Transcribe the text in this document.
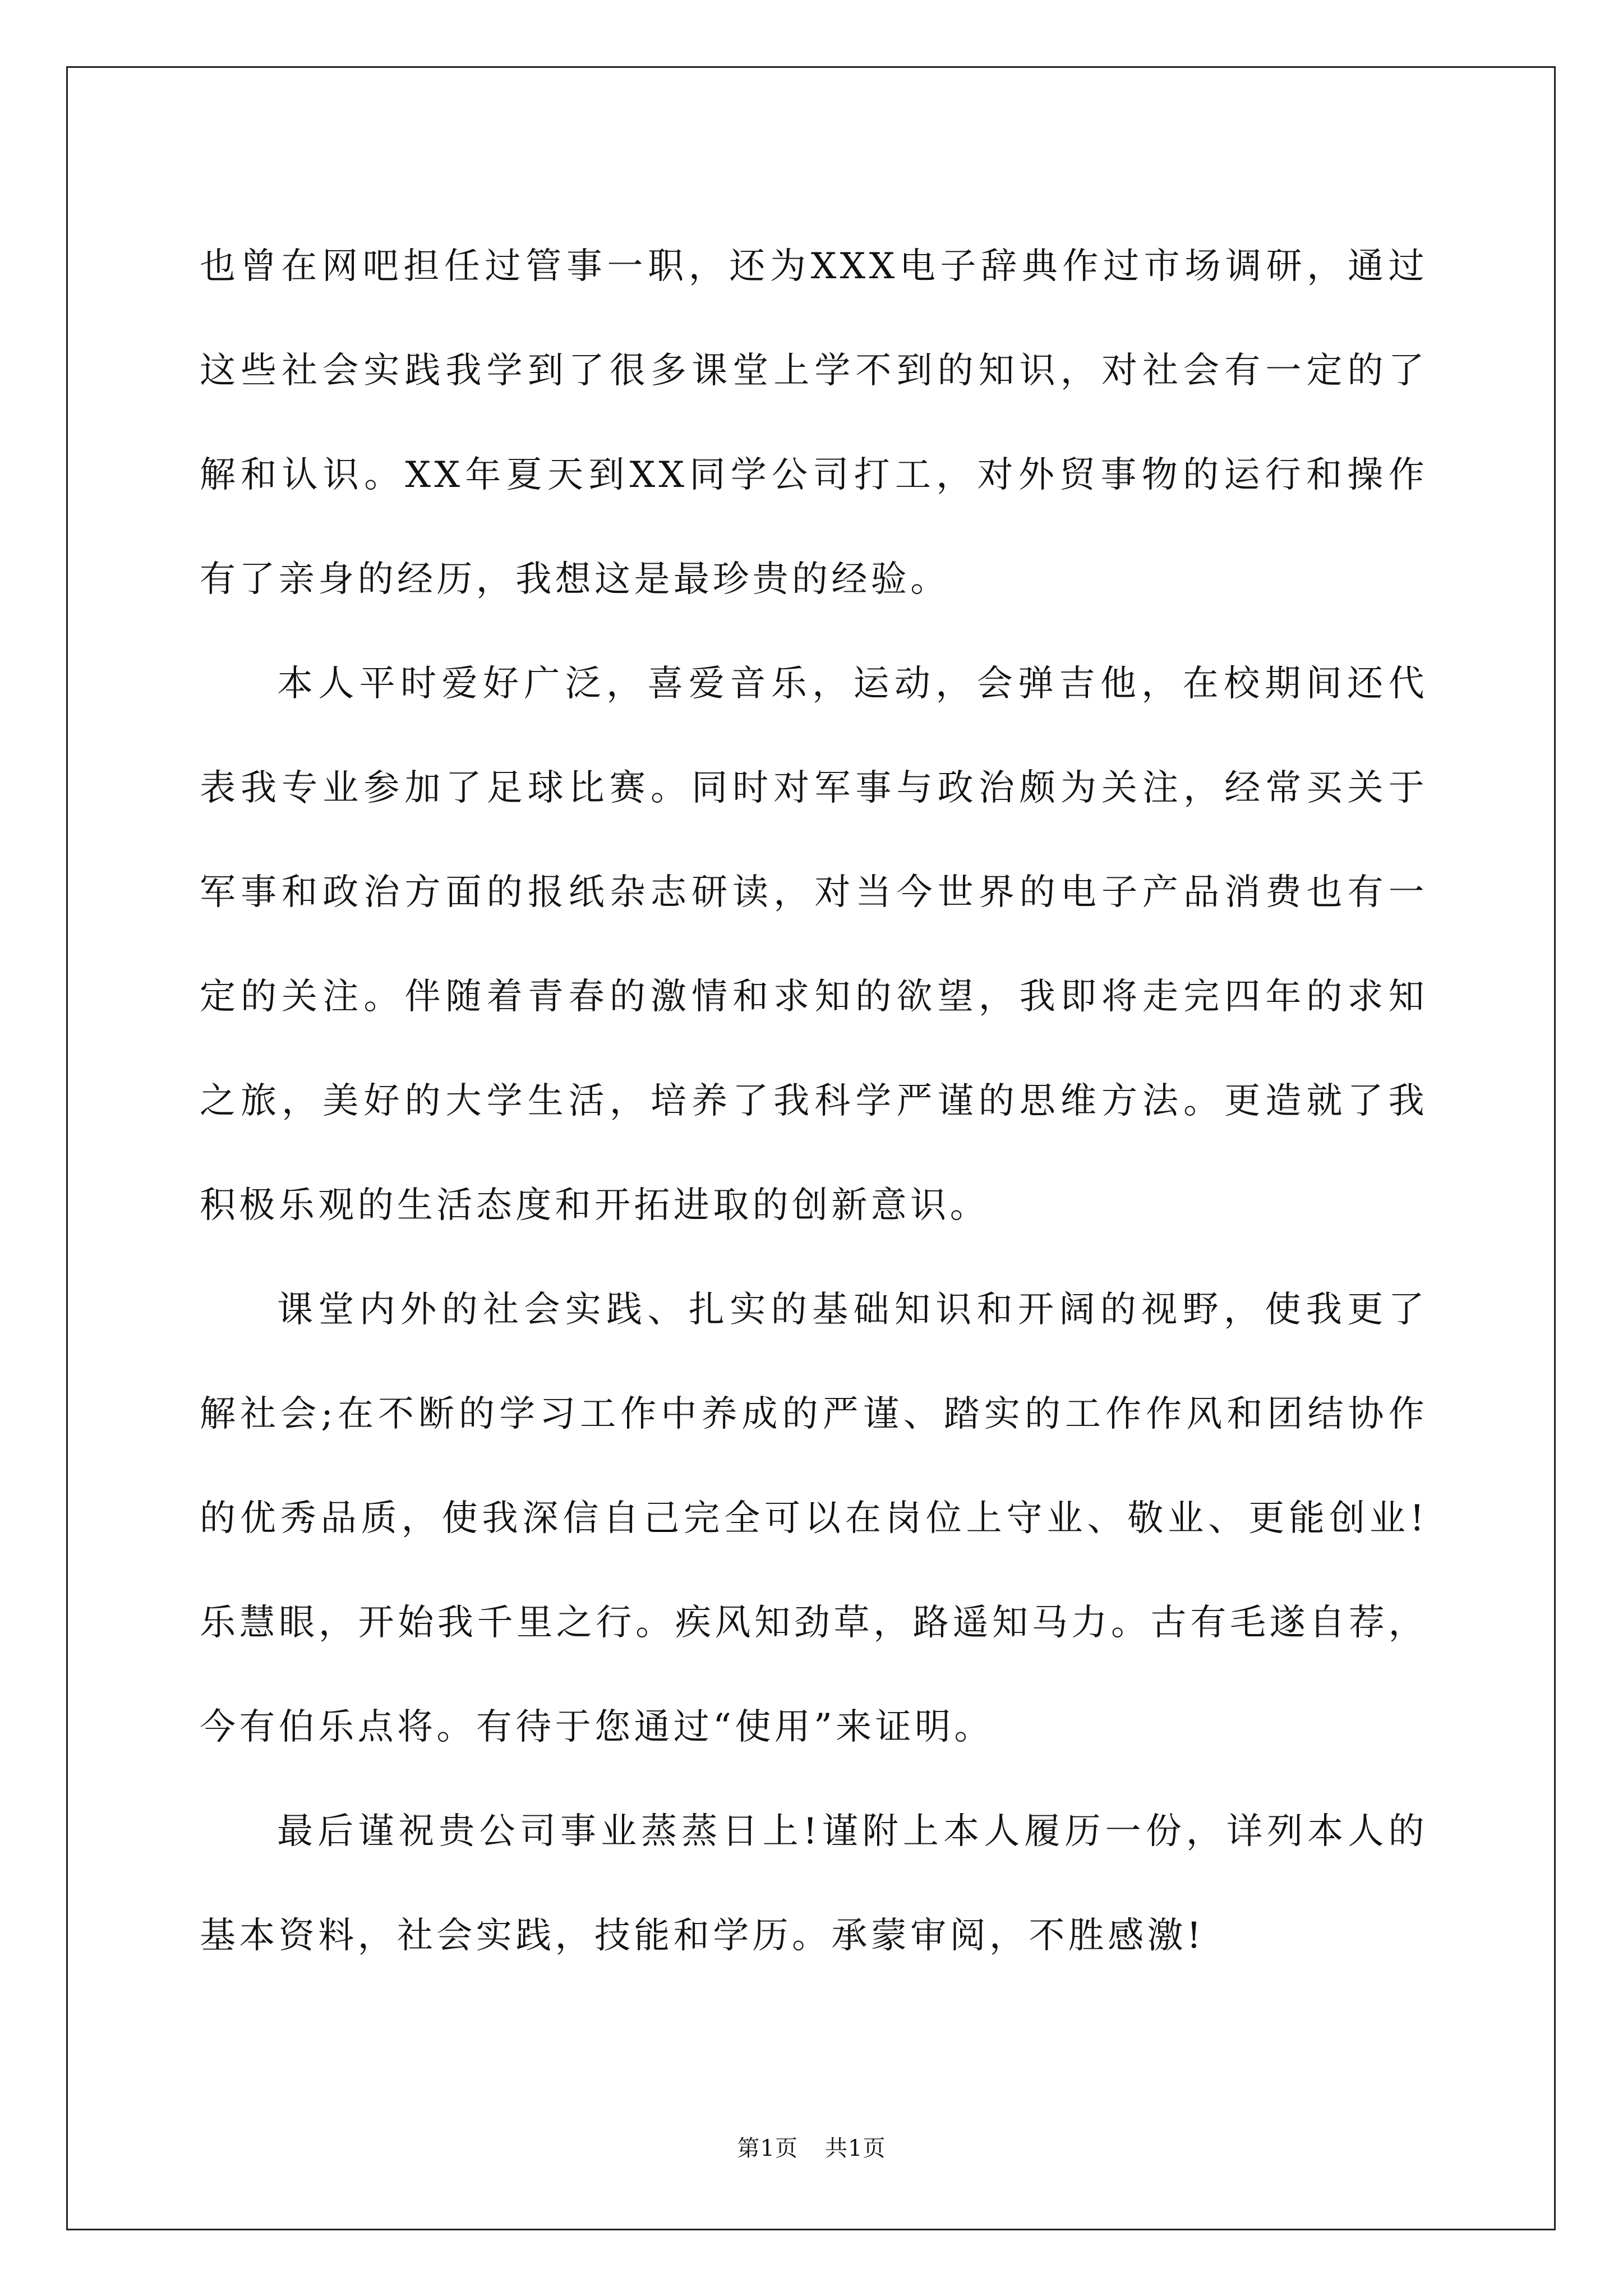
也曾在网吧担任过管事一职，还为XXX电子辞典作过市场调研，通过
这些社会实践我学到了很多课堂上学不到的知识，对社会有一定的了
解和认识。XX年夏天到XX同学公司打工，对外贸事物的运行和操作
有了亲身的经历，我想这是最珍贵的经验。
本人平时爱好广泛，喜爱音乐，运动，会弹吉他，在校期间还代
表我专业参加了足球比赛。同时对军事与政治颇为关注，经常买关于
军事和政治方面的报纸杂志研读，对当今世界的电子产品消费也有一
定的关注。伴随着青春的激情和求知的欲望，我即将走完四年的求知
之旅，美好的大学生活，培养了我科学严谨的思维方法。更造就了我
积极乐观的生活态度和开拓进取的创新意识。
课堂内外的社会实践、扎实的基础知识和开阔的视野，使我更了
解社会;在不断的学习工作中养成的严谨、踏实的工作作风和团结协作
的优秀品质，使我深信自己完全可以在岗位上守业、敬业、更能创业!
乐慧眼，开始我千里之行。疾风知劲草，路遥知马力。古有毛遂自荐，
今有伯乐点将。有待于您通过“使用”来证明。
最后谨祝贵公司事业蒸蒸日上!谨附上本人履历一份，详列本人的
基本资料，社会实践，技能和学历。承蒙审阅，不胜感激!
第1页 共1页
